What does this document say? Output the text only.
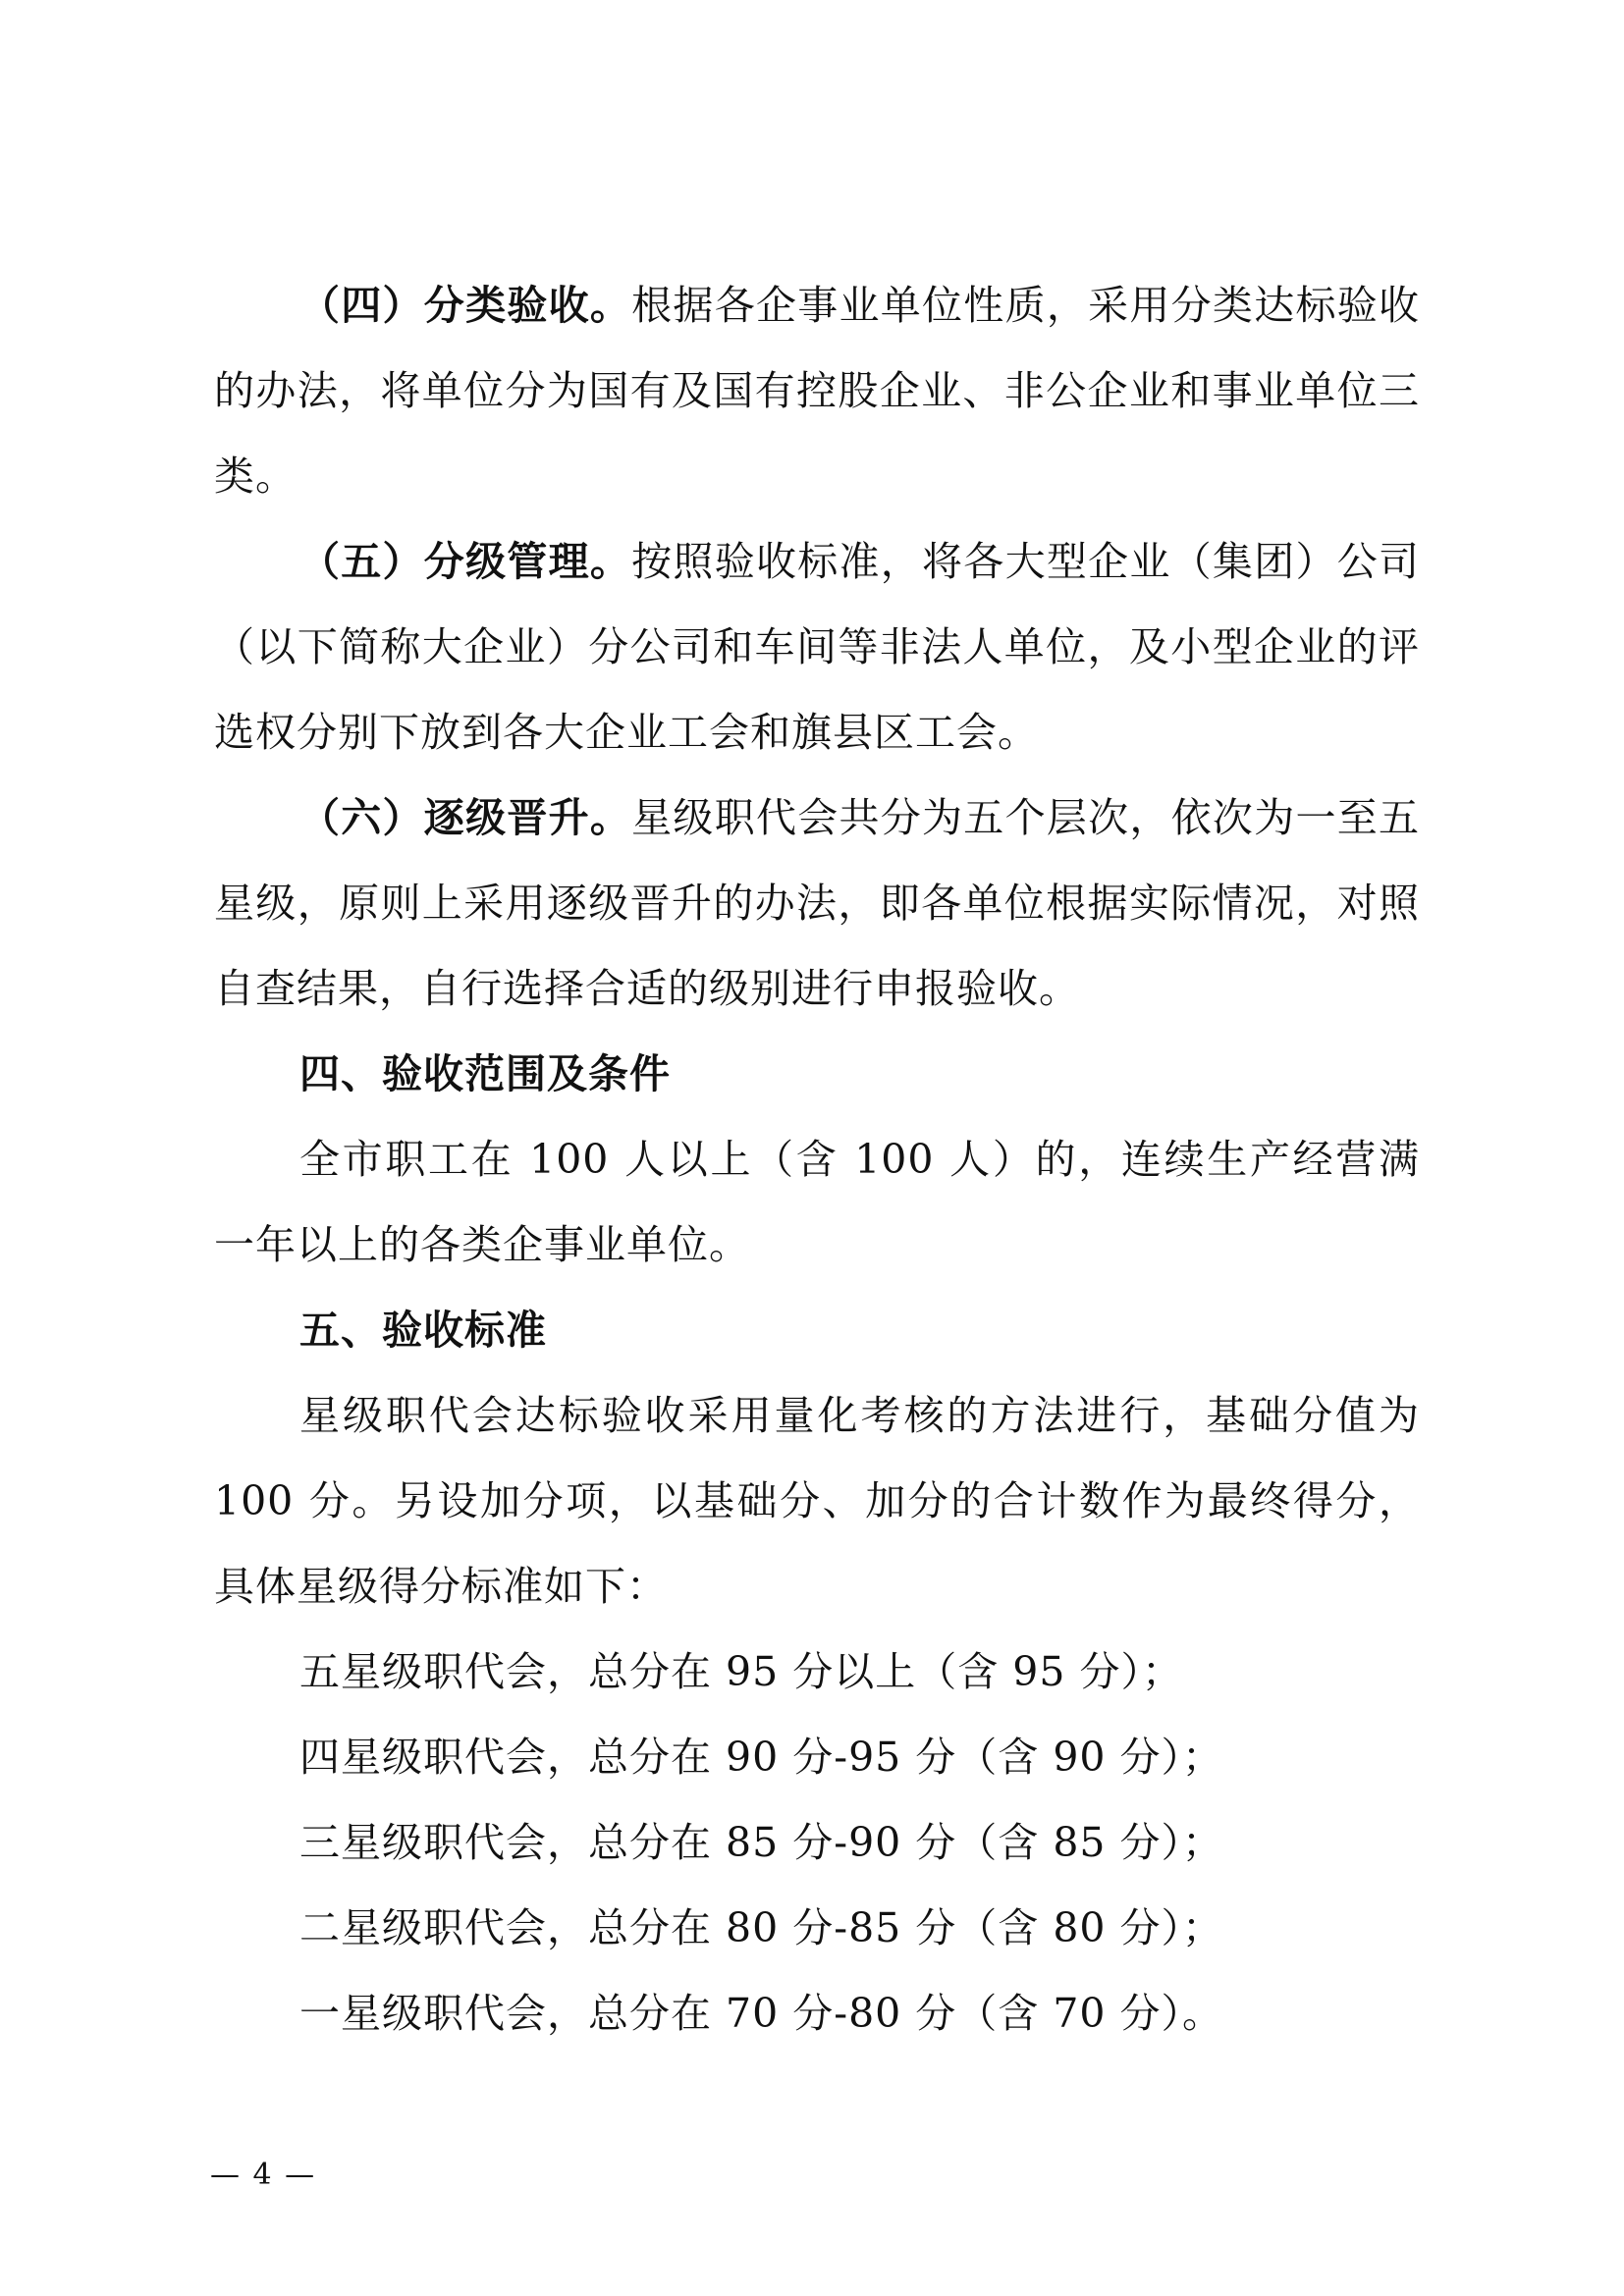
（四）分类验收。根据各企事业单位性质，采用分类达标验收的办法，将单位分为国有及国有控股企业、非公企业和事业单位三类。

（五）分级管理。按照验收标准，将各大型企业（集团）公司（以下简称大企业）分公司和车间等非法人单位，及小型企业的评选权分别下放到各大企业工会和旗县区工会。

（六）逐级晋升。星级职代会共分为五个层次，依次为一至五星级，原则上采用逐级晋升的办法，即各单位根据实际情况，对照自查结果，自行选择合适的级别进行申报验收。

四、验收范围及条件

全市职工在 100 人以上（含 100 人）的，连续生产经营满一年以上的各类企事业单位。

五、验收标准

星级职代会达标验收采用量化考核的方法进行，基础分值为 100 分。另设加分项，以基础分、加分的合计数作为最终得分，具体星级得分标准如下：

五星级职代会，总分在 95 分以上（含 95 分）；

四星级职代会，总分在 90 分-95 分（含 90 分）；

三星级职代会，总分在 85 分-90 分（含 85 分）；

二星级职代会，总分在 80 分-85 分（含 80 分）；

一星级职代会，总分在 70 分-80 分（含 70 分）。

— 4 —
